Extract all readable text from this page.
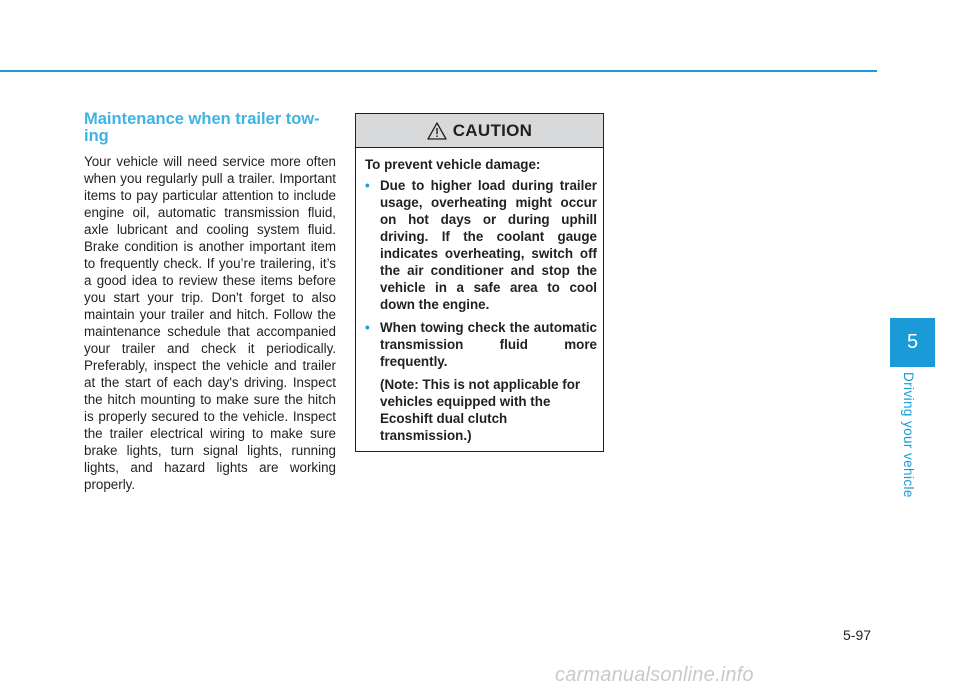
Maintenance when trailer tow-ing

Your vehicle will need service more often when you regularly pull a trailer. Important items to pay particular attention to include engine oil, automatic transmission fluid, axle lubricant and cooling system fluid. Brake condition is another important item to frequently check. If you’re trailering, it’s a good idea to review these items before you start your trip. Don't forget to also maintain your trailer and hitch. Follow the maintenance schedule that accompanied your trailer and check it periodically. Preferably, inspect the vehicle and trailer at the start of each day's driving. Inspect the hitch mounting to make sure the hitch is properly secured to the vehicle. Inspect the trailer electrical wiring to make sure brake lights, turn signal lights, running lights, and hazard lights are working properly.

CAUTION

To prevent vehicle damage:

• Due to higher load during trailer usage, overheating might occur on hot days or during uphill driving. If the coolant gauge indicates overheating, switch off the air conditioner and stop the vehicle in a safe area to cool down the engine.

• When towing check the automatic transmission fluid more frequently.

(Note: This is not applicable for vehicles equipped with the Ecoshift dual clutch transmission.)

5
Driving your vehicle
5-97
carmanualsonline.info
